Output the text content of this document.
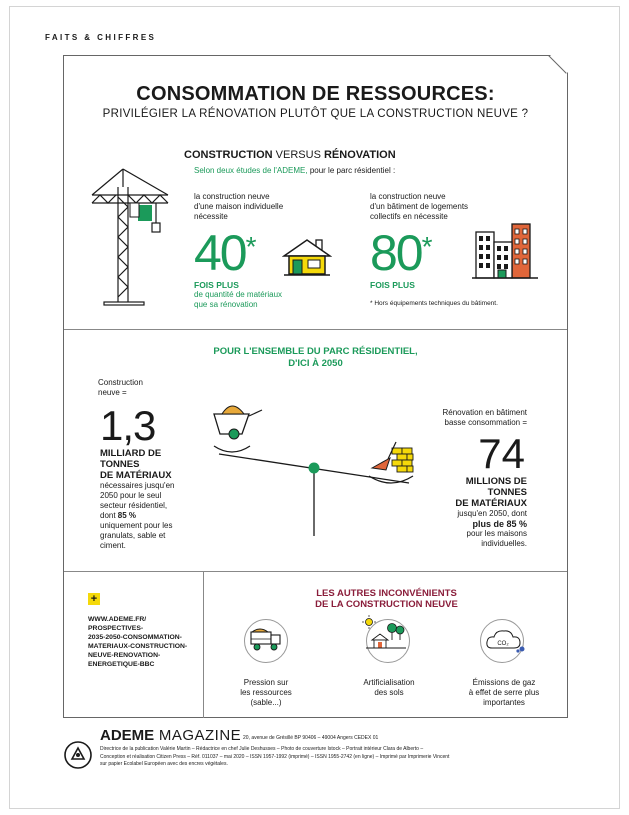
FAITS & CHIFFRES
CONSOMMATION DE RESSOURCES:
PRIVILÉGIER LA RÉNOVATION PLUTÔT QUE LA CONSTRUCTION NEUVE ?
CONSTRUCTION VERSUS RÉNOVATION
Selon deux études de l'ADEME, pour le parc résidentiel :
la construction neuve
d'une maison individuelle
nécessite
40 *
FOIS PLUS
de quantité de matériaux
que sa rénovation
la construction neuve
d'un bâtiment de logements
collectifs en nécessite
80 *
FOIS PLUS
* Hors équipements techniques du bâtiment.
POUR L'ENSEMBLE DU PARC RÉSIDENTIEL,
D'ICI À 2050
Construction
neuve =
1,3
MILLIARD DE
TONNES
DE MATÉRIAUX
nécessaires jusqu'en
2050 pour le seul
secteur résidentiel,
dont 85 %
uniquement pour les
granulats, sable et
ciment.
Rénovation en bâtiment
basse consommation =
74
MILLIONS DE
TONNES
DE MATÉRIAUX
jusqu'en 2050, dont
plus de 85 %
pour les maisons
individuelles.
+
WWW.ADEME.FR/
PROSPECTIVES-
2035-2050-CONSOMMATION-
MATERIAUX-CONSTRUCTION-
NEUVE-RENOVATION-
ENERGETIQUE-BBC
LES AUTRES INCONVÉNIENTS
DE LA CONSTRUCTION NEUVE
Pression sur
les ressources
(sable...)
Artificialisation
des sols
CO₂
Émissions de gaz
à effet de serre plus
importantes
ADEME MAGAZINE 20, avenue de Grésillé BP 90406 – 49004 Angers CEDEX 01
Directrice de la publication Valérie Martin – Rédactrice en chef Julie Deshusses – Photo de couverture Istock – Portrait intérieur Clara de Alberto –
Conception et réalisation Citizen Press – Réf. 011037 – mai 2020 – ISSN 1957-1992 (imprimé) – ISSN 1955-2742 (en ligne) – Imprimé par Imprimerie Vincent
sur papier Ecolabel Européen avec des encres végétales.
